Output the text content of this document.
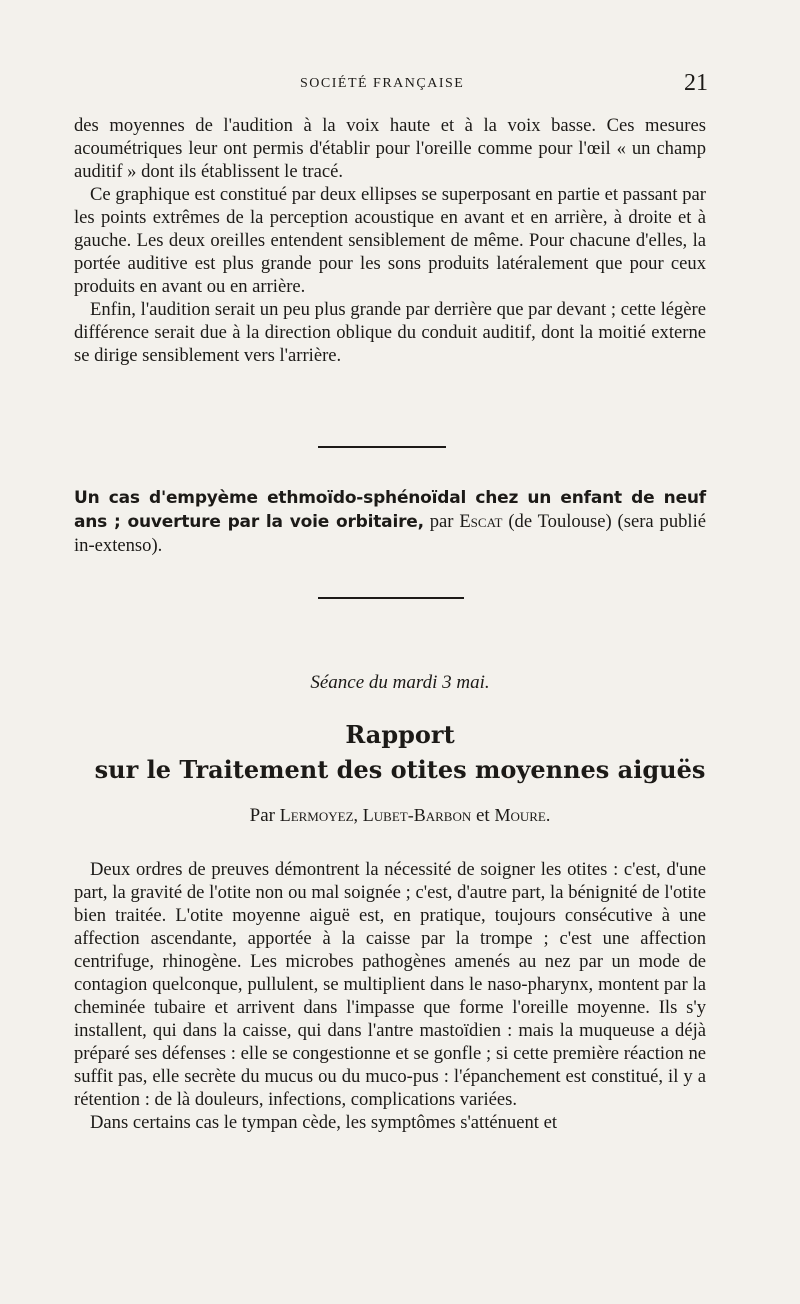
SOCIÉTÉ FRANÇAISE	21

des moyennes de l'audition à la voix haute et à la voix basse. Ces mesures acoumétriques leur ont permis d'établir pour l'oreille comme pour l'œil « un champ auditif » dont ils établissent le tracé.

Ce graphique est constitué par deux ellipses se superposant en partie et passant par les points extrêmes de la perception acoustique en avant et en arrière, à droite et à gauche. Les deux oreilles entendent sensiblement de même. Pour chacune d'elles, la portée auditive est plus grande pour les sons produits latéralement que pour ceux produits en avant ou en arrière.

Enfin, l'audition serait un peu plus grande par derrière que par devant ; cette légère différence serait due à la direction oblique du conduit auditif, dont la moitié externe se dirige sensiblement vers l'arrière.

Un cas d'empyème ethmoïdo-sphénoïdal chez un enfant de neuf ans ; ouverture par la voie orbitaire, par Escat (de Toulouse) (sera publié in-extenso).

Séance du mardi 3 mai.
Rapport
sur le Traitement des otites moyennes aiguës
Par Lermoyez, Lubet-Barbon et Moure.

Deux ordres de preuves démontrent la nécessité de soigner les otites : c'est, d'une part, la gravité de l'otite non ou mal soignée ; c'est, d'autre part, la bénignité de l'otite bien traitée. L'otite moyenne aiguë est, en pratique, toujours consécutive à une affection ascendante, apportée à la caisse par la trompe ; c'est une affection centrifuge, rhinogène. Les microbes pathogènes amenés au nez par un mode de contagion quelconque, pullulent, se multiplient dans le naso-pharynx, montent par la cheminée tubaire et arrivent dans l'impasse que forme l'oreille moyenne. Ils s'y installent, qui dans la caisse, qui dans l'antre mastoïdien : mais la muqueuse a déjà préparé ses défenses : elle se congestionne et se gonfle ; si cette première réaction ne suffit pas, elle secrète du mucus ou du muco-pus : l'épanchement est constitué, il y a rétention : de là douleurs, infections, complications variées.

Dans certains cas le tympan cède, les symptômes s'atténuent et
